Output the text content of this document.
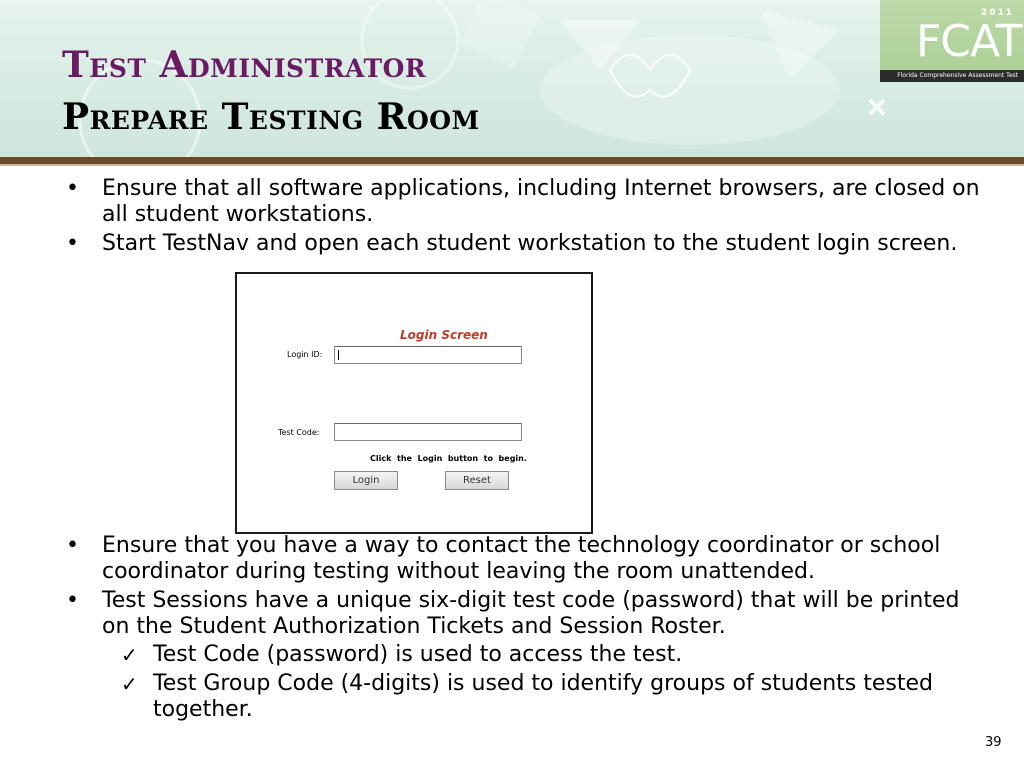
Test Administrator
Prepare Testing Room
2011
FCAT
Florida Comprehensive Assessment Test

• Ensure that all software applications, including Internet browsers, are closed on all student workstations.

• Start TestNav and open each student workstation to the student login screen.

Login Screen
Login ID:
Test Code:
Click  the  Login  button  to  begin.
Login	Reset

• Ensure that you have a way to contact the technology coordinator or school coordinator during testing without leaving the room unattended.

• Test Sessions have a unique six-digit test code (password) that will be printed on the Student Authorization Tickets and Session Roster.

✓ Test Code (password) is used to access the test.

✓ Test Group Code (4-digits) is used to identify groups of students tested together.

39
